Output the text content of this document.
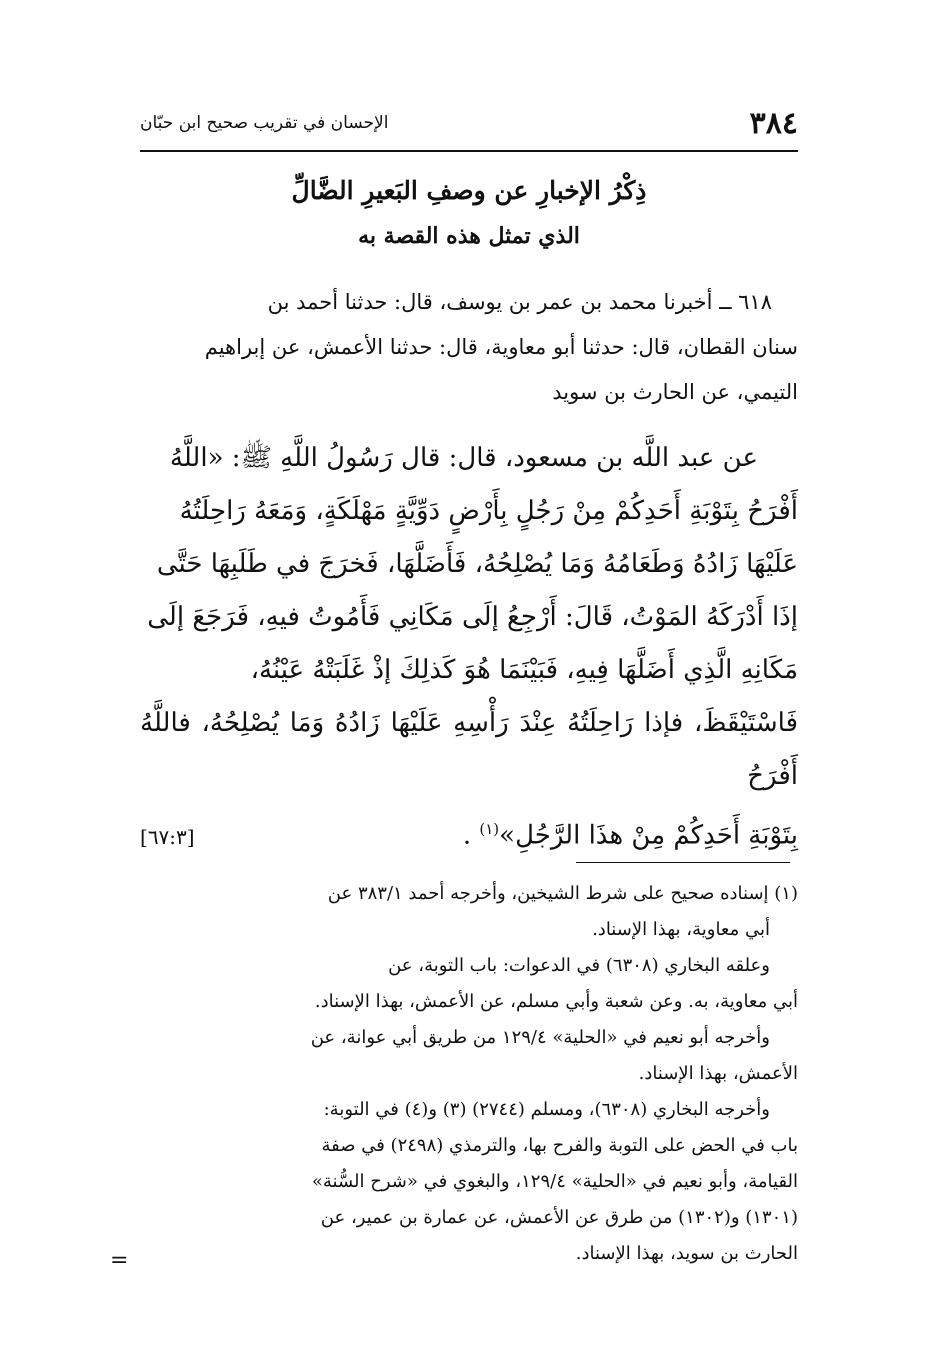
٣٨٤
الإحسان في تقريب صحيح ابن حبّان
ذِكْرُ الإخبارِ عن وصفِ البَعيرِ الضَّالِّ
الذي تمثل هذه القصة به

٦١٨ ــ أخبرنا محمد بن عمر بن يوسف، قال: حدثنا أحمد بن

سنان القطان، قال: حدثنا أبو معاوية، قال: حدثنا الأعمش، عن إبراهيم

التيمي، عن الحارث بن سويد

عن عبد اللَّه بن مسعود، قال: قال رَسُولُ اللَّهِ ﷺ: «اللَّهُ

أَفْرَحُ بِتَوْبَةِ أَحَدِكُمْ مِنْ رَجُلٍ بِأَرْضٍ دَوِّيَّةٍ مَهْلَكَةٍ، وَمَعَهُ رَاحِلَتُهُ

عَلَيْهَا زَادُهُ وَطَعَامُهُ وَمَا يُصْلِحُهُ، فَأَضَلَّهَا، فَخرَجَ في طَلَبِهَا حَتَّى

إذَا أَدْرَكَهُ المَوْتُ، قَالَ: أَرْجِعُ إلَى مَكَانِي فَأَمُوتُ فيهِ، فَرَجَعَ إلَى

مَكَانِهِ الَّذِي أَضَلَّهَا فِيهِ، فَبَيْنَمَا هُوَ كَذلِكَ إذْ غَلَبَتْهُ عَيْنُهُ،

فَاسْتَيْقَظَ، فإذا رَاحِلَتُهُ عِنْدَ رَأْسِهِ عَلَيْهَا زَادُهُ وَمَا يُصْلِحُهُ، فاللَّهُ أَفْرَحُ

بِتَوْبَةِ أَحَدِكُمْ مِنْ هذَا الرَّجُلِ»$^{(١)}$ .
[٦٧:٣]

(١) إسناده صحيح على شرط الشيخين، وأخرجه أحمد ٣٨٣/١ عن

أبي معاوية، بهذا الإسناد.

وعلقه البخاري (٦٣٠٨) في الدعوات: باب التوبة، عن

أبي معاوية، به. وعن شعبة وأبي مسلم، عن الأعمش، بهذا الإسناد.

وأخرجه أبو نعيم في «الحلية» ١٢٩/٤ من طريق أبي عوانة، عن

الأعمش، بهذا الإسناد.

وأخرجه البخاري (٦٣٠٨)، ومسلم (٢٧٤٤) (٣) و(٤) في التوبة:

باب في الحض على التوبة والفرح بها، والترمذي (٢٤٩٨) في صفة

القيامة، وأبو نعيم في «الحلية» ١٢٩/٤، والبغوي في «شرح السُّنة»

(١٣٠١) و(١٣٠٢) من طرق عن الأعمش، عن عمارة بن عمير، عن

الحارث بن سويد، بهذا الإسناد.

=
